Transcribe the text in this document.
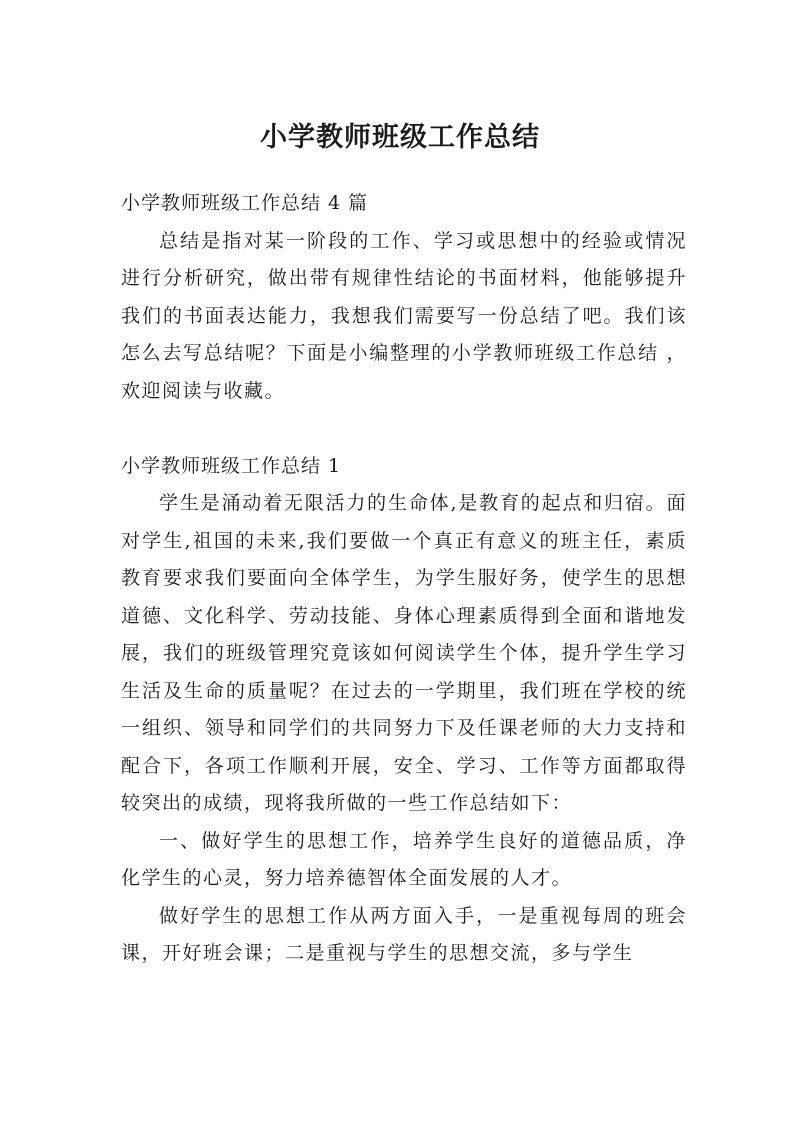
小学教师班级工作总结

小学教师班级工作总结 4 篇

总结是指对某一阶段的工作、学习或思想中的经验或情况进行分析研究，做出带有规律性结论的书面材料，他能够提升我们的书面表达能力，我想我们需要写一份总结了吧。我们该怎么去写总结呢？下面是小编整理的小学教师班级工作总结 ，欢迎阅读与收藏。

小学教师班级工作总结 1

学生是涌动着无限活力的生命体,是教育的起点和归宿。面对学生,祖国的未来,我们要做一个真正有意义的班主任，素质教育要求我们要面向全体学生，为学生服好务，使学生的思想道德、文化科学、劳动技能、身体心理素质得到全面和谐地发展，我们的班级管理究竟该如何阅读学生个体，提升学生学习生活及生命的质量呢？在过去的一学期里，我们班在学校的统一组织、领导和同学们的共同努力下及任课老师的大力支持和配合下，各项工作顺利开展，安全、学习、工作等方面都取得较突出的成绩，现将我所做的一些工作总结如下：

一、做好学生的思想工作，培养学生良好的道德品质，净化学生的心灵，努力培养德智体全面发展的人才。

做好学生的思想工作从两方面入手，一是重视每周的班会课，开好班会课；二是重视与学生的思想交流，多与学生
